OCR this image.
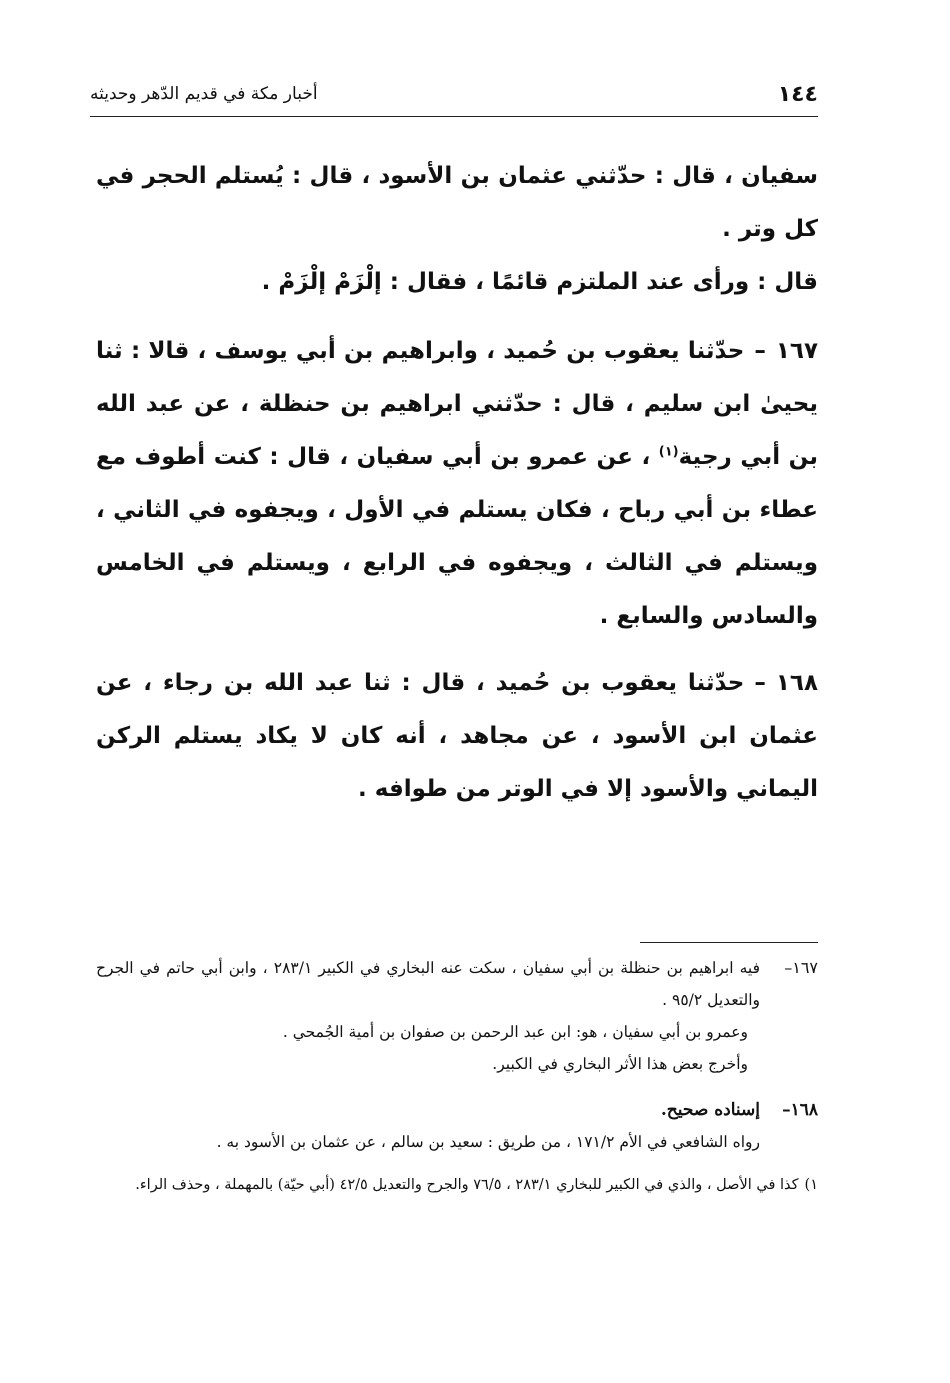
١٤٤
أخبار مكة في قديم الدّهر وحديثه

سفيان ، قال : حدّثني عثمان بن الأسود ، قال : يُستلم الحجر في كل وتر .
قال : ورأى عند الملتزم قائمًا ، فقال : إلْزَمْ إلْزَمْ .

١٦٧–حدّثنا يعقوب بن حُميد ، وابراهيم بن أبي يوسف ، قالا : ثنا يحيىٰ ابن سليم ، قال : حدّثني ابراهيم بن حنظلة ، عن عبد الله بن أبي رجية$^{(١)}$ ، عن عمرو بن أبي سفيان ، قال : كنت أطوف مع عطاء بن أبي رباح ، فكان يستلم في الأول ، ويجفوه في الثاني ، ويستلم في الثالث ، ويجفوه في الرابع ، ويستلم في الخامس والسادس والسابع .

١٦٨–حدّثنا يعقوب بن حُميد ، قال : ثنا عبد الله بن رجاء ، عن عثمان ابن الأسود ، عن مجاهد ، أنه كان لا يكاد يستلم الركن اليماني والأسود إلا في الوتر من طوافه .

١٦٧–
فيه ابراهيم بن حنظلة بن أبي سفيان ، سكت عنه البخاري في الكبير ٢٨٣/١ ، وابن أبي حاتم في الجرح والتعديل ٩٥/٢ .
وعمرو بن أبي سفيان ، هو: ابن عبد الرحمن بن صفوان بن أمية الجُمحي .
وأخرج بعض هذا الأثر البخاري في الكبير.
١٦٨–
إسناده صحيح.
رواه الشافعي في الأم ١٧١/٢ ، من طريق : سعيد بن سالم ، عن عثمان بن الأسود به .
١)كذا في الأصل ، والذي في الكبير للبخاري ٢٨٣/١ ، ٧٦/٥ والجرح والتعديل ٤٢/٥ (أبي حيّة) بالمهملة ، وحذف الراء.
